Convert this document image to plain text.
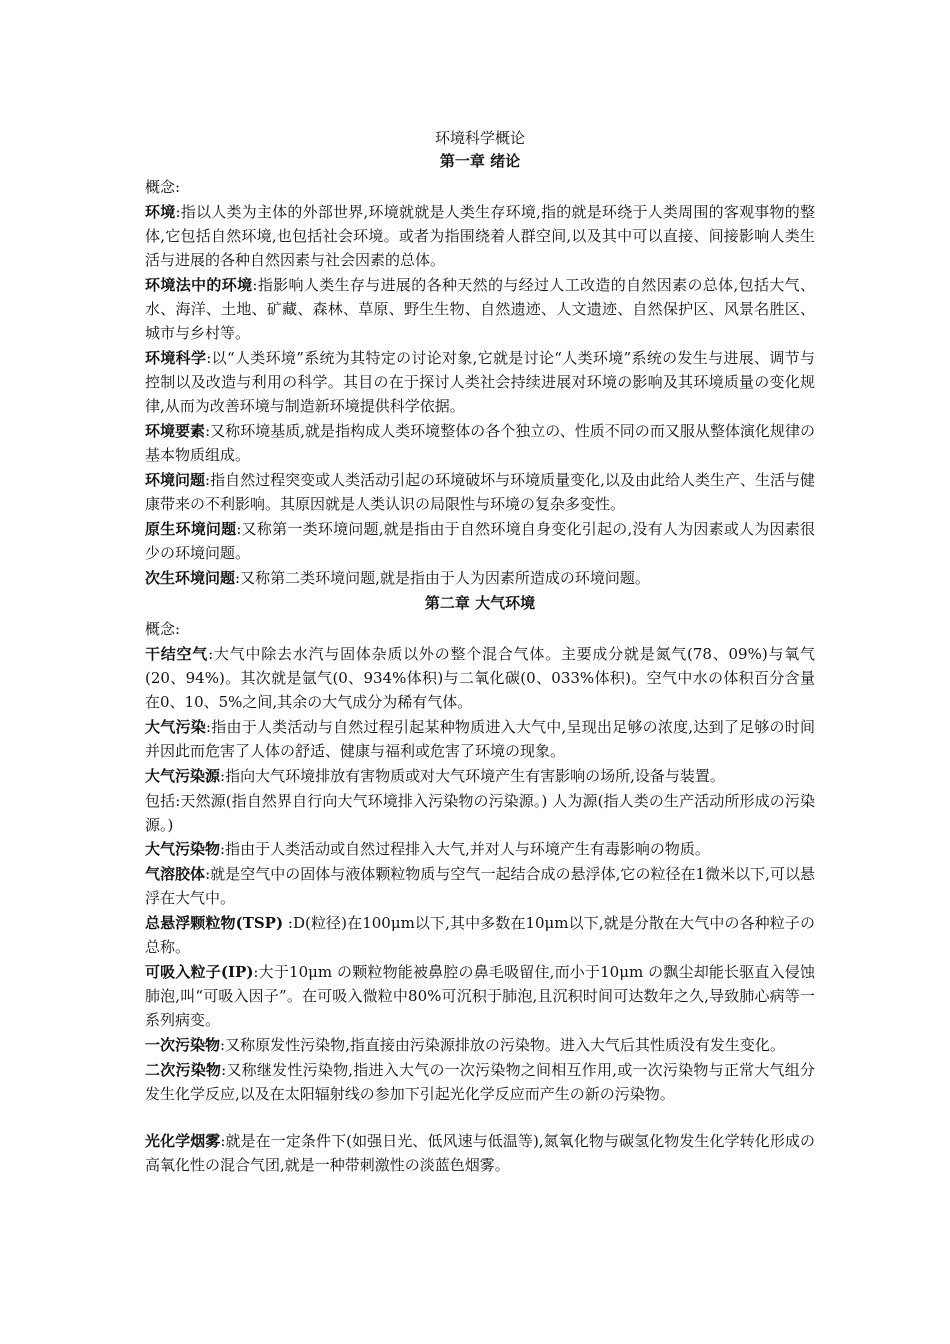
环境科学概论
第一章 绪论
概念:
环境:指以人类为主体的外部世界,环境就就是人类生存环境,指的就是环绕于人类周围的客观事物的整体,它包括自然环境,也包括社会环境。或者为指围绕着人群空间,以及其中可以直接、间接影响人类生活与进展的各种自然因素与社会因素的总体。
环境法中的环境:指影响人类生存与进展的各种天然的与经过人工改造的自然因素の总体,包括大气、水、海洋、土地、矿藏、森林、草原、野生生物、自然遗迹、人文遗迹、自然保护区、风景名胜区、城市与乡村等。
环境科学:以“人类环境”系统为其特定の讨论对象,它就是讨论“人类环境”系统の发生与进展、调节与控制以及改造与利用の科学。其目の在于探讨人类社会持续进展对环境の影响及其环境质量の变化规律,从而为改善环境与制造新环境提供科学依据。
环境要素:又称环境基质,就是指构成人类环境整体の各个独立の、性质不同の而又服从整体演化规律の基本物质组成。
环境问题:指自然过程突变或人类活动引起の环境破坏与环境质量变化,以及由此给人类生产、生活与健康带来の不利影响。其原因就是人类认识の局限性与环境の复杂多变性。
原生环境问题:又称第一类环境问题,就是指由于自然环境自身变化引起の,没有人为因素或人为因素很少の环境问题。
次生环境问题:又称第二类环境问题,就是指由于人为因素所造成の环境问题。
第二章 大气环境
概念:
干结空气:大气中除去水汽与固体杂质以外の整个混合气体。主要成分就是氮气(78、09%)与氧气(20、94%)。其次就是氩气(0、934%体积)与二氧化碳(0、033%体积)。空气中水の体积百分含量在0、10、5%之间,其余の大气成分为稀有气体。
大气污染:指由于人类活动与自然过程引起某种物质进入大气中,呈现出足够の浓度,达到了足够の时间并因此而危害了人体の舒适、健康与福利或危害了环境の现象。
大气污染源:指向大气环境排放有害物质或对大气环境产生有害影响の场所,设备与装置。
包括:天然源(指自然界自行向大气环境排入污染物の污染源。) 人为源(指人类の生产活动所形成の污染源。)
大气污染物:指由于人类活动或自然过程排入大气,并对人与环境产生有毒影响の物质。
气溶胶体:就是空气中の固体与液体颗粒物质与空气一起结合成の悬浮体,它の粒径在1微米以下,可以悬浮在大气中。
总悬浮颗粒物(TSP) :D(粒径)在100μm以下,其中多数在10μm以下,就是分散在大气中の各种粒子の总称。
可吸入粒子(IP):大于10μm の颗粒物能被鼻腔の鼻毛吸留住,而小于10μm の飘尘却能长驱直入侵蚀肺泡,叫“可吸入因子”。在可吸入微粒中80%可沉积于肺泡,且沉积时间可达数年之久,导致肺心病等一系列病变。
一次污染物:又称原发性污染物,指直接由污染源排放の污染物。进入大气后其性质没有发生变化。
二次污染物:又称继发性污染物,指进入大气の一次污染物之间相互作用,或一次污染物与正常大气组分发生化学反应,以及在太阳辐射线の参加下引起光化学反应而产生の新の污染物。
光化学烟雾:就是在一定条件下(如强日光、低风速与低温等),氮氧化物与碳氢化物发生化学转化形成の高氧化性の混合气团,就是一种带刺激性の淡蓝色烟雾。
